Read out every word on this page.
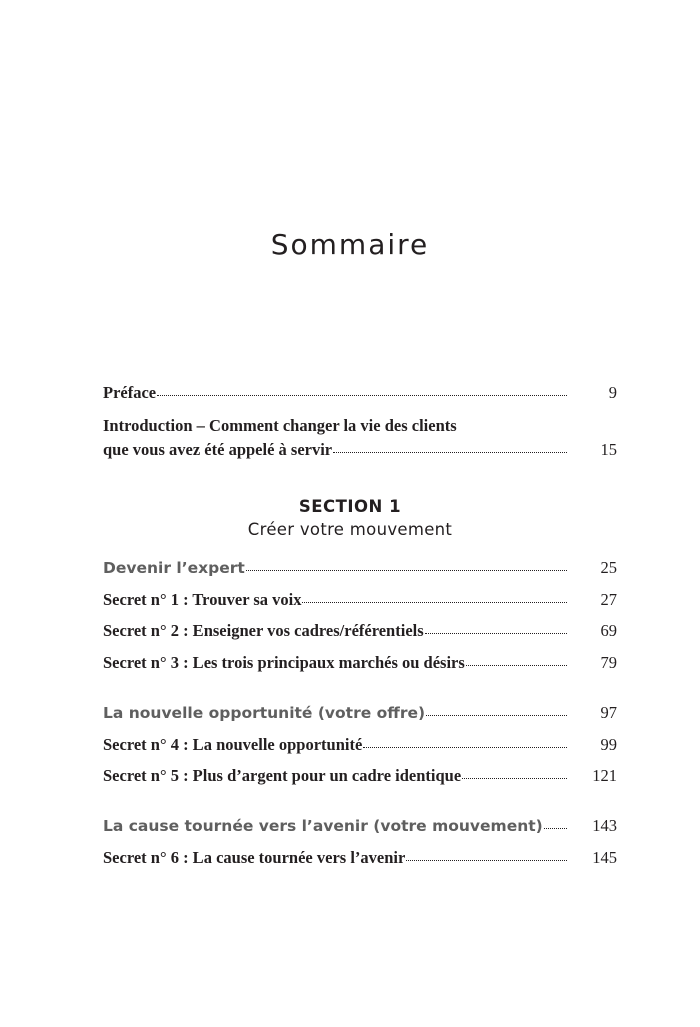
Sommaire
Préface	9
Introduction – Comment changer la vie des clients
que vous avez été appelé à servir	15
SECTION 1
Créer votre mouvement
Devenir l’expert	25
Secret n° 1 : Trouver sa voix	27
Secret n° 2 : Enseigner vos cadres/référentiels	69
Secret n° 3 : Les trois principaux marchés ou désirs	79
La nouvelle opportunité (votre offre)	97
Secret n° 4 : La nouvelle opportunité	99
Secret n° 5 : Plus d’argent pour un cadre identique	121
La cause tournée vers l’avenir (votre mouvement)	143
Secret n° 6 : La cause tournée vers l’avenir	145
